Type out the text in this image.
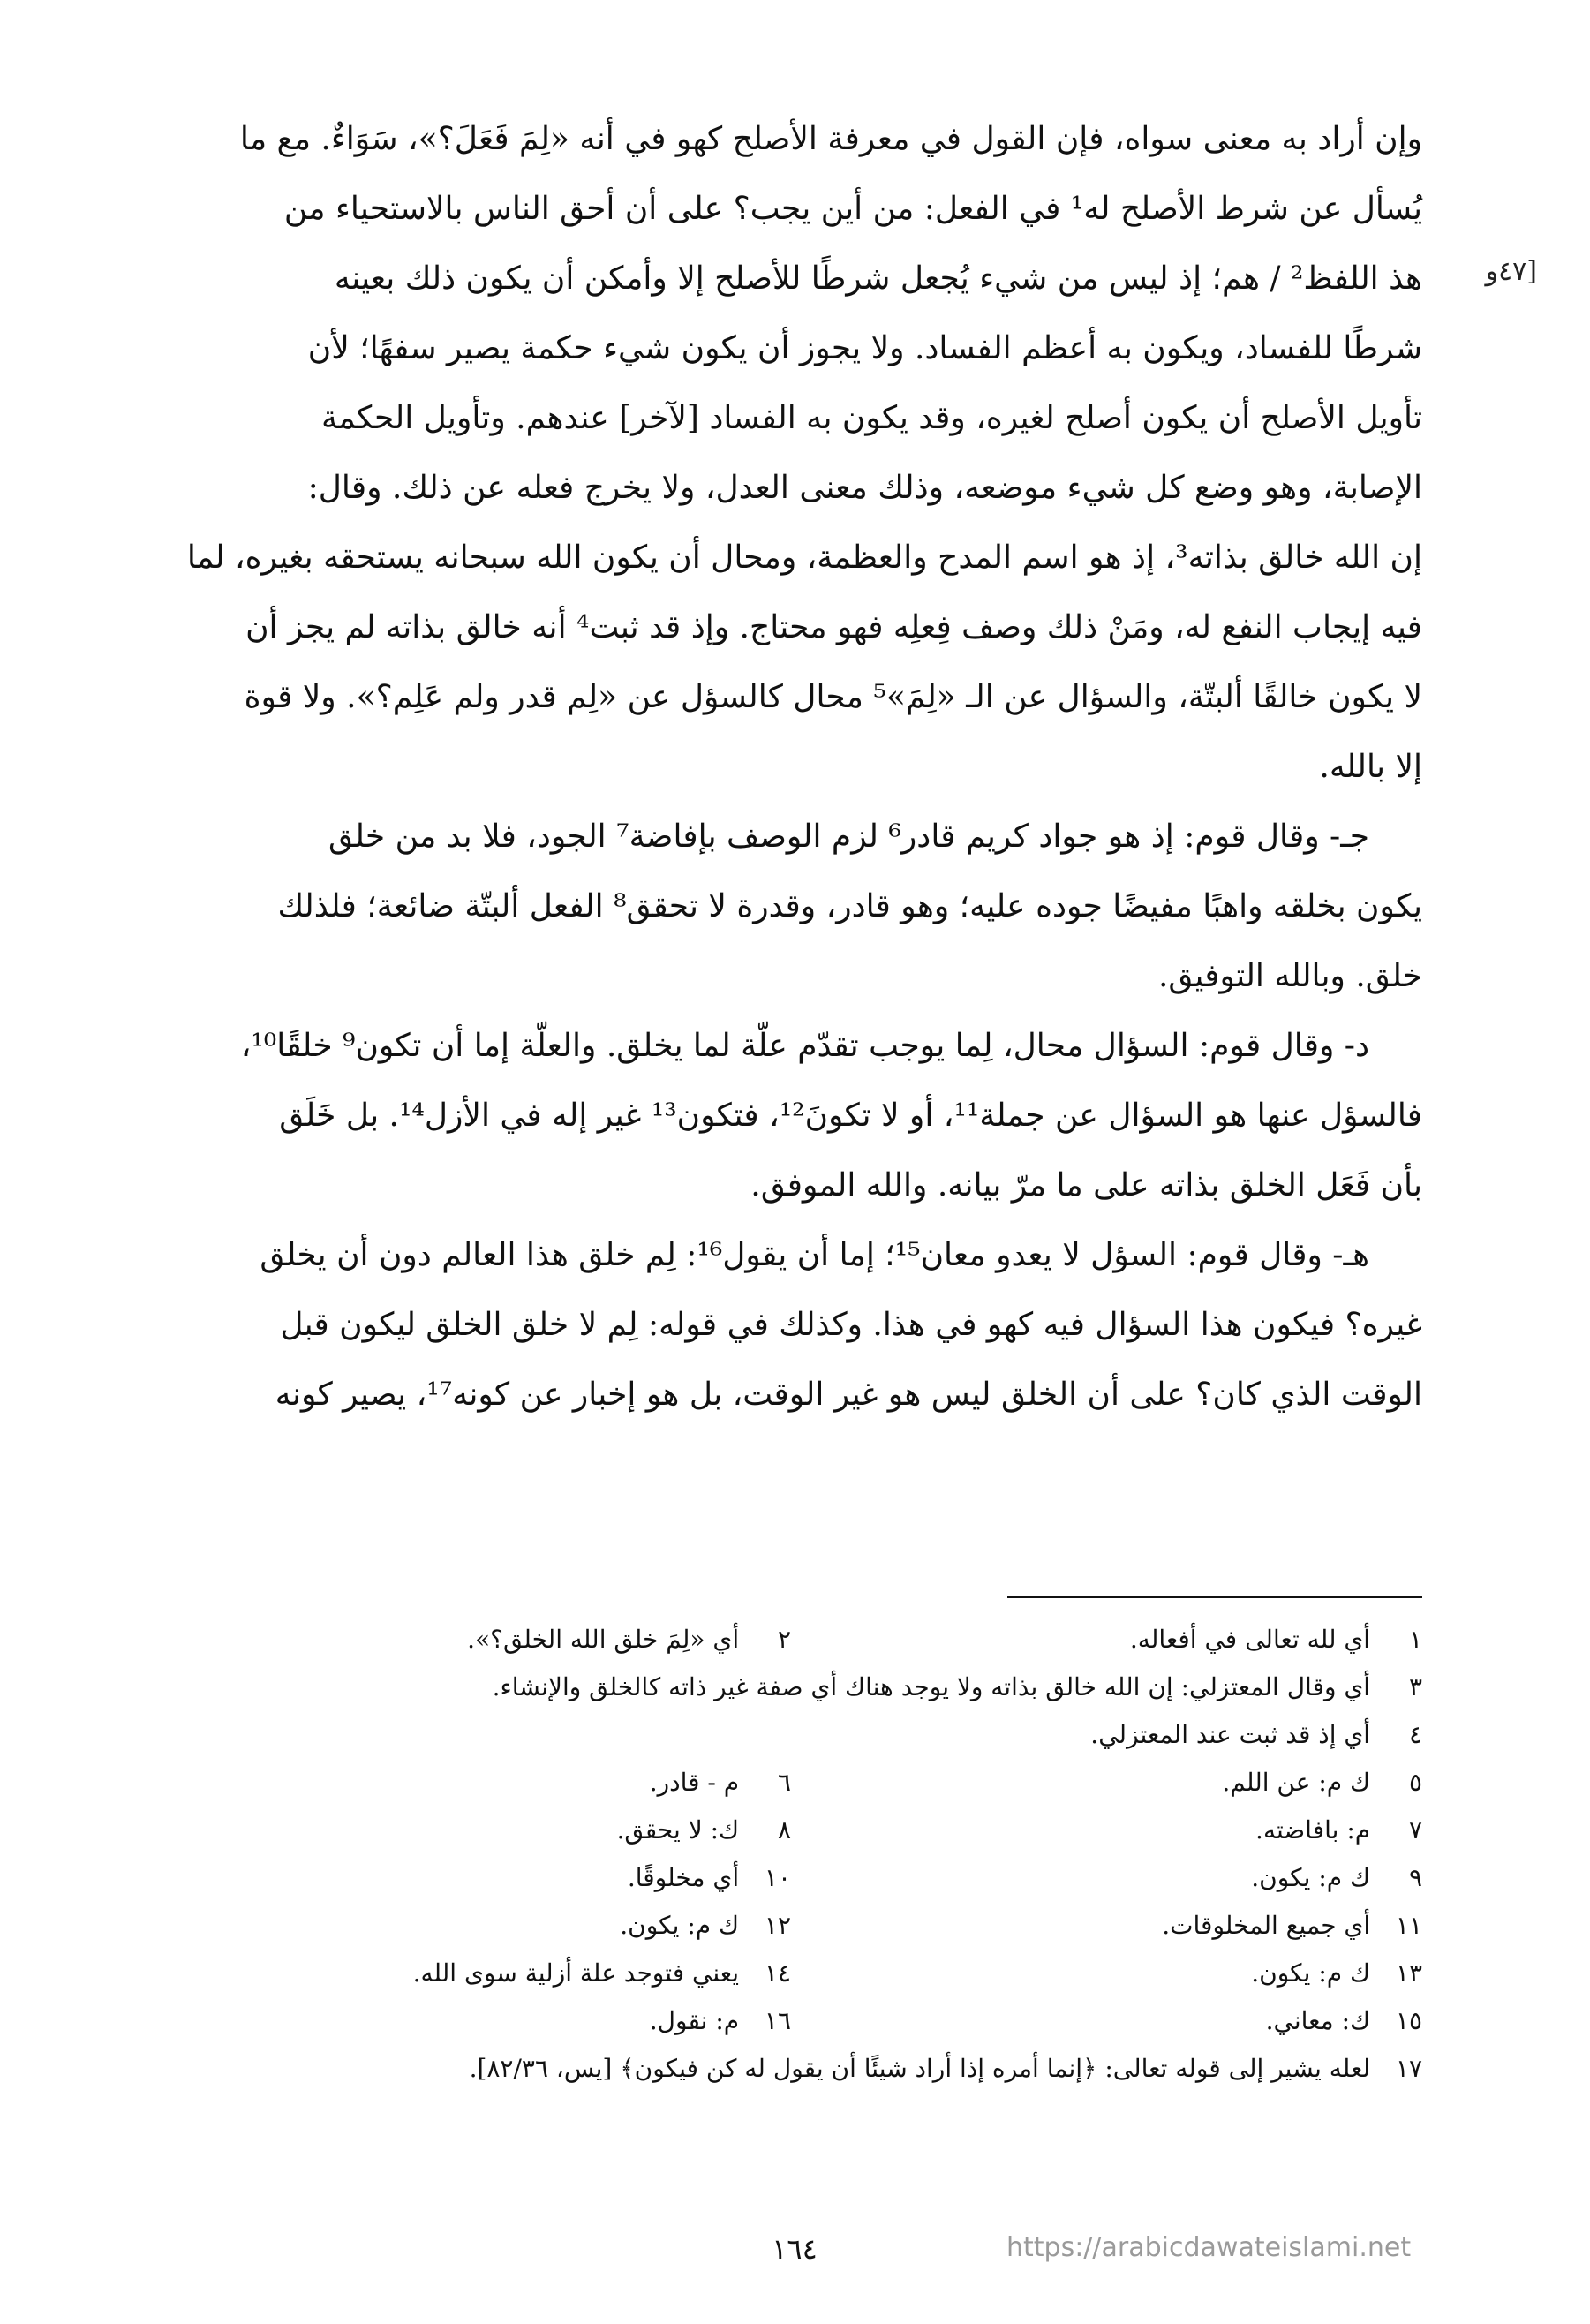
[٤٧و

وإن أراد به معنى سواه، فإن القول في معرفة الأصلح كهو في أنه «لِمَ فَعَلَ؟»، سَوَاءٌ. مع ما

يُسأل عن شرط الأصلح له¹ في الفعل: من أين يجب؟ على أن أحق الناس بالاستحياء من

هذ اللفظ² / هم؛ إذ ليس من شيء يُجعل شرطًا للأصلح إلا وأمكن أن يكون ذلك بعينه

شرطًا للفساد، ويكون به أعظم الفساد. ولا يجوز أن يكون شيء حكمة يصير سفهًا؛ لأن

تأويل الأصلح أن يكون أصلح لغيره، وقد يكون به الفساد [لآخر] عندهم. وتأويل الحكمة

الإصابة، وهو وضع كل شيء موضعه، وذلك معنى العدل، ولا يخرج فعله عن ذلك. وقال:

إن الله خالق بذاته³، إذ هو اسم المدح والعظمة، ومحال أن يكون الله سبحانه يستحقه بغيره، لما

فيه إيجاب النفع له، ومَنْ ذلك وصف فِعلِه فهو محتاج. وإذ قد ثبت⁴ أنه خالق بذاته لم يجز أن

لا يكون خالقًا ألبتّة، والسؤال عن الـ «لِمَ»⁵ محال كالسؤل عن «لِم قدر ولم عَلِم؟». ولا قوة

إلا بالله.

جـ- وقال قوم: إذ هو جواد كريم قادر⁶ لزم الوصف بإفاضة⁷ الجود، فلا بد من خلق

يكون بخلقه واهبًا مفيضًا جوده عليه؛ وهو قادر، وقدرة لا تحقق⁸ الفعل ألبتّة ضائعة؛ فلذلك

خلق. وبالله التوفيق.

د- وقال قوم: السؤال محال، لِما يوجب تقدّم علّة لما يخلق. والعلّة إما أن تكون⁹ خلقًا¹⁰،

فالسؤل عنها هو السؤال عن جملة¹¹، أو لا تكونَ¹²، فتكون¹³ غير إله في الأزل¹⁴. بل خَلَق

بأن فَعَل الخلق بذاته على ما مرّ بيانه. والله الموفق.

هـ- وقال قوم: السؤل لا يعدو معان¹⁵؛ إما أن يقول¹⁶: لِم خلق هذا العالم دون أن يخلق

غيره؟ فيكون هذا السؤال فيه كهو في هذا. وكذلك في قوله: لِم لا خلق الخلق ليكون قبل

الوقت الذي كان؟ على أن الخلق ليس هو غير الوقت، بل هو إخبار عن كونه¹⁷، يصير كونه

١ أي لله تعالى في أفعاله.
٢ أي «لِمَ خلق الله الخلق؟».
٣ أي وقال المعتزلي: إن الله خالق بذاته ولا يوجد هناك أي صفة غير ذاته كالخلق والإنشاء.
٤ أي إذ قد ثبت عند المعتزلي.
٥ ك م: عن اللم.
٦ م - قادر.
٧ م: بافاضته.
٨ ك: لا يحقق.
٩ ك م: يكون.
١٠ أي مخلوقًا.
١١ أي جميع المخلوقات.
١٢ ك م: يكون.
١٣ ك م: يكون.
١٤ يعني فتوجد علة أزلية سوى الله.
١٥ ك: معاني.
١٦ م: نقول.
١٧ لعله يشير إلى قوله تعالى: ﴿إنما أمره إذا أراد شيئًا أن يقول له كن فيكون﴾ [يس، ٨٢/٣٦].
١٦٤	https://arabicdawateislami.net
